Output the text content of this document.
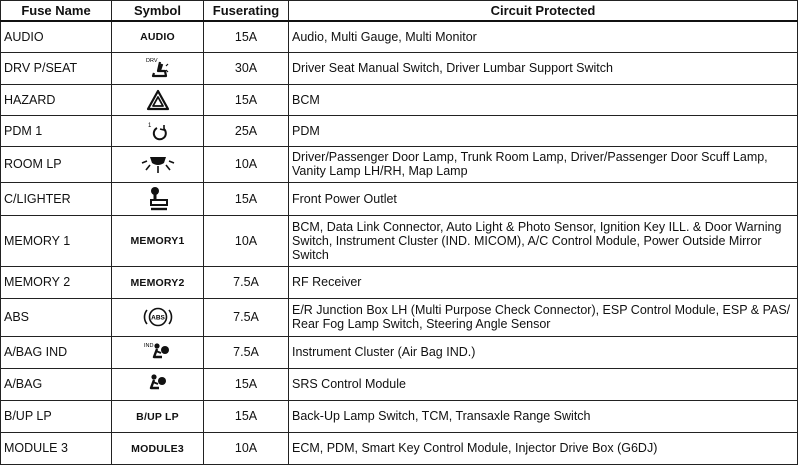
Fuse Name	Symbol	Fuserating	Circuit Protected
AUDIO	AUDIO	15A	Audio, Multi Gauge, Multi Monitor
DRV P/SEAT	DRV	30A	Driver Seat Manual Switch, Driver Lumbar Support Switch
HAZARD		15A	BCM
PDM 1	1	25A	PDM
ROOM LP		10A	Driver/Passenger Door Lamp, Trunk Room Lamp, Driver/Passenger Door Scuff Lamp, Vanity Lamp LH/RH, Map Lamp
C/LIGHTER		15A	Front Power Outlet
MEMORY 1	MEMORY1	10A	BCM, Data Link Connector, Auto Light & Photo Sensor, Ignition Key ILL. & Door Warning Switch, Instrument Cluster (IND. MICOM), A/C Control Module, Power Outside Mirror Switch
MEMORY 2	MEMORY2	7.5A	RF Receiver
ABS	ABS	7.5A	E/R Junction Box LH (Multi Purpose Check Connector), ESP Control Module, ESP & PAS/ Rear Fog Lamp Switch, Steering Angle Sensor
A/BAG IND	IND	7.5A	Instrument Cluster (Air Bag IND.)
A/BAG		15A	SRS Control Module
B/UP LP	B/UP LP	15A	Back-Up Lamp Switch, TCM, Transaxle Range Switch
MODULE 3	MODULE3	10A	ECM, PDM, Smart Key Control Module, Injector Drive Box (G6DJ)
